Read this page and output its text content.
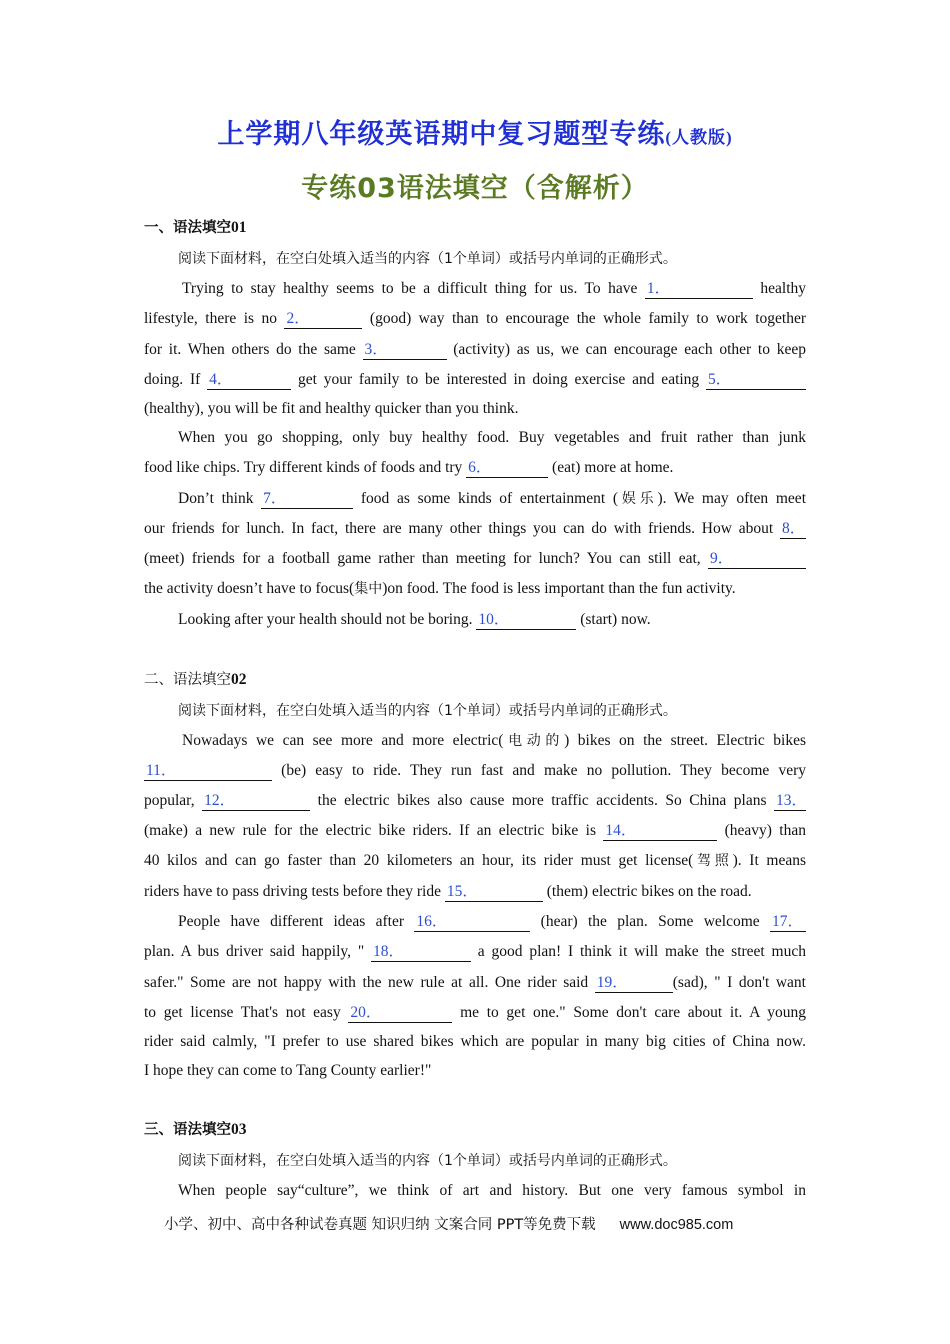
上学期八年级英语期中复习题型专练(人教版)
专练03语法填空（含解析）
一、语法填空01
阅读下面材料，在空白处填入适当的内容（1个单词）或括号内单词的正确形式。
Trying to stay healthy seems to be a difficult thing for us. To have 1．	healthy
lifestyle, there is no 2．	(good) way than to encourage the whole family to work together
for it. When others do the same 3．	(activity) as us, we can encourage each other to keep
doing. If 4．	get your family to be interested in doing exercise and eating 5．
(healthy), you will be fit and healthy quicker than you think.
When you go shopping, only buy healthy food. Buy vegetables and fruit rather than junk
food like chips. Try different kinds of foods and try 6．	(eat) more at home.
Don’t think 7．	food as some kinds of entertainment (娱乐). We may often meet
our friends for lunch. In fact, there are many other things you can do with friends. How about 8．
(meet) friends for a football game rather than meeting for lunch? You can still eat, 9．
the activity doesn’t have to focus(集中)on food. The food is less important than the fun activity.
Looking after your health should not be boring. 10．	(start) now.
二、语法填空02
阅读下面材料，在空白处填入适当的内容（1个单词）或括号内单词的正确形式。
Nowadays we can see more and more electric(电动的) bikes on the street. Electric bikes
11．	(be) easy to ride. They run fast and make no pollution. They become very
popular, 12．	the electric bikes also cause more traffic accidents. So China plans 13．
(make) a new rule for the electric bike riders. If an electric bike is 14．	(heavy) than
40 kilos and can go faster than 20 kilometers an hour, its rider must get license(驾照). It means
riders have to pass driving tests before they ride 15．	(them) electric bikes on the road.
People have different ideas after 16．	(hear) the plan. Some welcome 17．
plan. A bus driver said happily, " 18．	a good plan! I think it will make the street much
safer." Some are not happy with the new rule at all. One rider said 19．	(sad), " I don't want
to get license That's not easy 20．	me to get one." Some don't care about it. A young
rider said calmly, "I prefer to use shared bikes which are popular in many big cities of China now.
I hope they can come to Tang County earlier!"
三、语法填空03
阅读下面材料，在空白处填入适当的内容（1个单词）或括号内单词的正确形式。
When people say“culture”, we think of art and history. But one very famous symbol in
小学、初中、高中各种试卷真题 知识归纳 文案合同 PPT等免费下载 www.doc985.com
